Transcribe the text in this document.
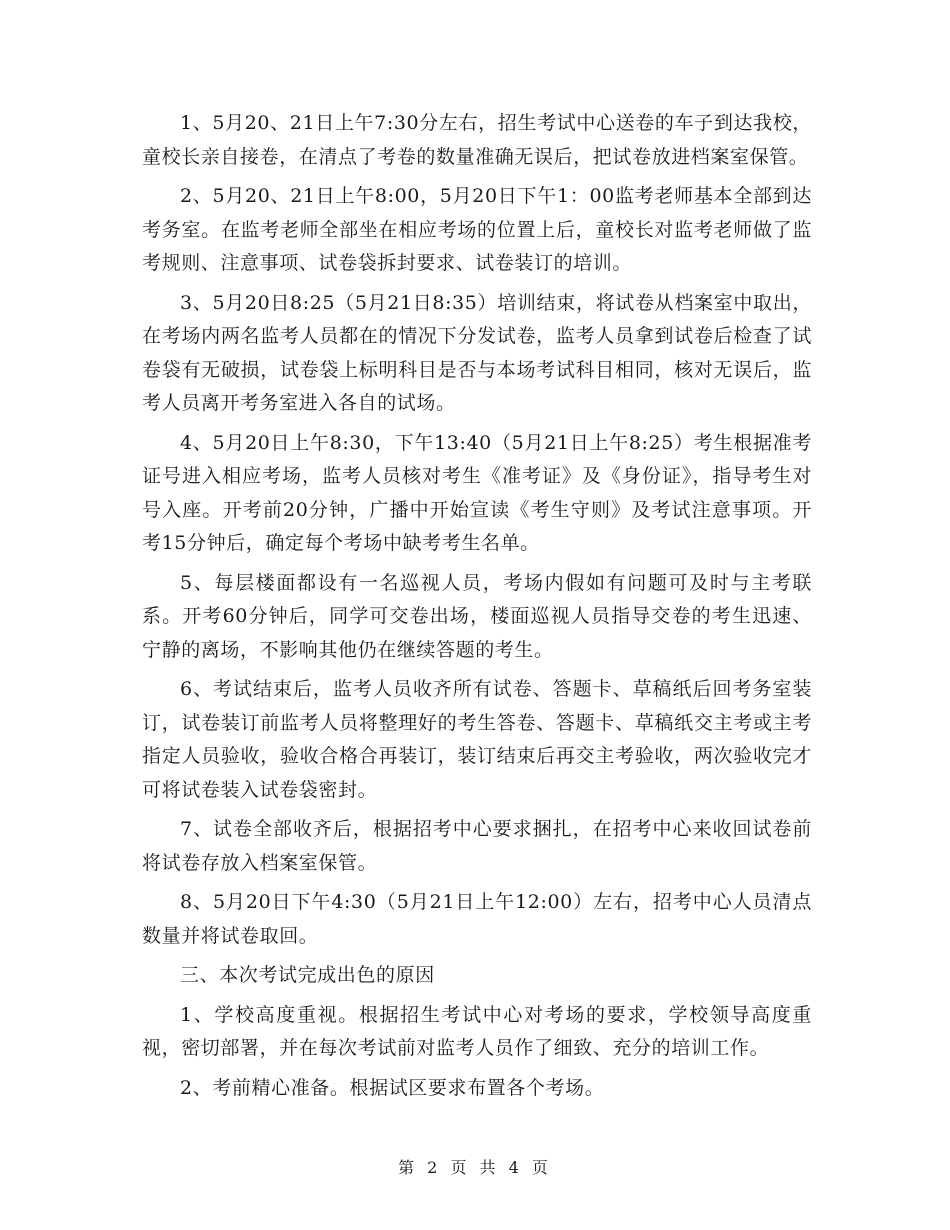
1、5月20、21日上午7:30分左右，招生考试中心送卷的车子到达我校，童校长亲自接卷，在清点了考卷的数量准确无误后，把试卷放进档案室保管。

2、5月20、21日上午8:00，5月20日下午1：00监考老师基本全部到达考务室。在监考老师全部坐在相应考场的位置上后，童校长对监考老师做了监考规则、注意事项、试卷袋拆封要求、试卷装订的培训。

3、5月20日8:25（5月21日8:35）培训结束，将试卷从档案室中取出，在考场内两名监考人员都在的情况下分发试卷，监考人员拿到试卷后检查了试卷袋有无破损，试卷袋上标明科目是否与本场考试科目相同，核对无误后，监考人员离开考务室进入各自的试场。

4、5月20日上午8:30，下午13:40（5月21日上午8:25）考生根据准考证号进入相应考场，监考人员核对考生《准考证》及《身份证》，指导考生对号入座。开考前20分钟，广播中开始宣读《考生守则》及考试注意事项。开考15分钟后，确定每个考场中缺考考生名单。

5、每层楼面都设有一名巡视人员，考场内假如有问题可及时与主考联系。开考60分钟后，同学可交卷出场，楼面巡视人员指导交卷的考生迅速、宁静的离场，不影响其他仍在继续答题的考生。

6、考试结束后，监考人员收齐所有试卷、答题卡、草稿纸后回考务室装订，试卷装订前监考人员将整理好的考生答卷、答题卡、草稿纸交主考或主考指定人员验收，验收合格合再装订，装订结束后再交主考验收，两次验收完才可将试卷装入试卷袋密封。

7、试卷全部收齐后，根据招考中心要求捆扎，在招考中心来收回试卷前将试卷存放入档案室保管。

8、5月20日下午4:30（5月21日上午12:00）左右，招考中心人员清点数量并将试卷取回。

三、本次考试完成出色的原因

1、学校高度重视。根据招生考试中心对考场的要求，学校领导高度重视，密切部署，并在每次考试前对监考人员作了细致、充分的培训工作。

2、考前精心准备。根据试区要求布置各个考场。

第 2 页 共 4 页
